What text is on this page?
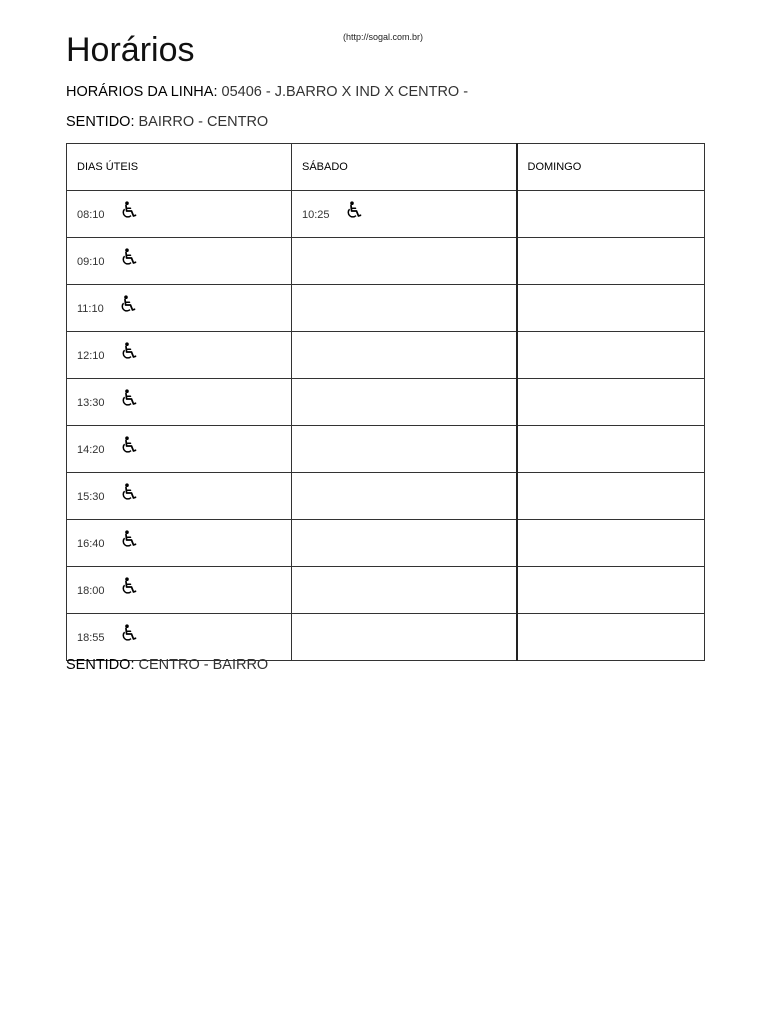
Horários	(http://sogal.com.br)
HORÁRIOS DA LINHA: 05406 - J.BARRO X IND X CENTRO -
SENTIDO: BAIRRO - CENTRO
DIAS ÚTEIS	SÁBADO	DOMINGO

08:10	10:25	

09:10		

11:10		

12:10		

13:30		

14:20		

15:30		

16:40		

18:00		

18:55		

SENTIDO: CENTRO - BAIRRO
